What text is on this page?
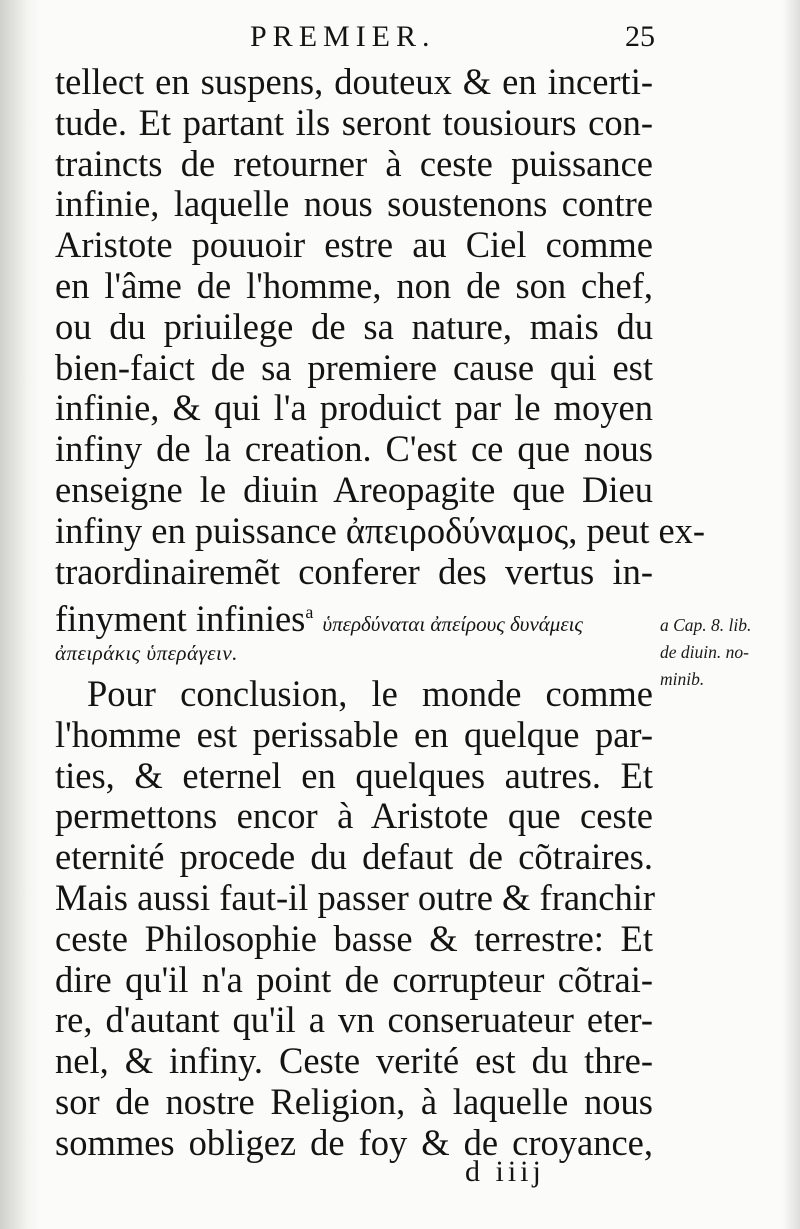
PREMIER.	25
tellect en suspens, douteux & en incerti-
tude. Et partant ils seront tousiours con-
traincts de retourner à ceste puissance
infinie, laquelle nous soustenons contre
Aristote pouuoir estre au Ciel comme
en l'âme de l'homme, non de son chef,
ou du priuilege de sa nature, mais du
bien-faict de sa premiere cause qui est
infinie, & qui l'a produict par le moyen
infiny de la creation. C'est ce que nous
enseigne le diuin Areopagite que Dieu
infiny en puissance ἀπειροδύναμος, peut ex-
traordinairemẽt conferer des vertus in-
finyment infinies$^a$ ὑπερδύναται ἀπείρους δυνάμεις
ἀπειράκις ὑπεράγειν.
Pour conclusion, le monde comme
l'homme est perissable en quelque par-
ties, & eternel en quelques autres. Et
permettons encor à Aristote que ceste
eternité procede du defaut de cõtraires.
Mais aussi faut-il passer outre & franchir
ceste Philosophie basse & terrestre: Et
dire qu'il n'a point de corrupteur cõtrai-
re, d'autant qu'il a vn conseruateur eter-
nel, & infiny. Ceste verité est du thre-
sor de nostre Religion, à laquelle nous
sommes obligez de foy & de croyance,
a Cap. 8. lib.
de diuin. no-
minib.
d iiij
